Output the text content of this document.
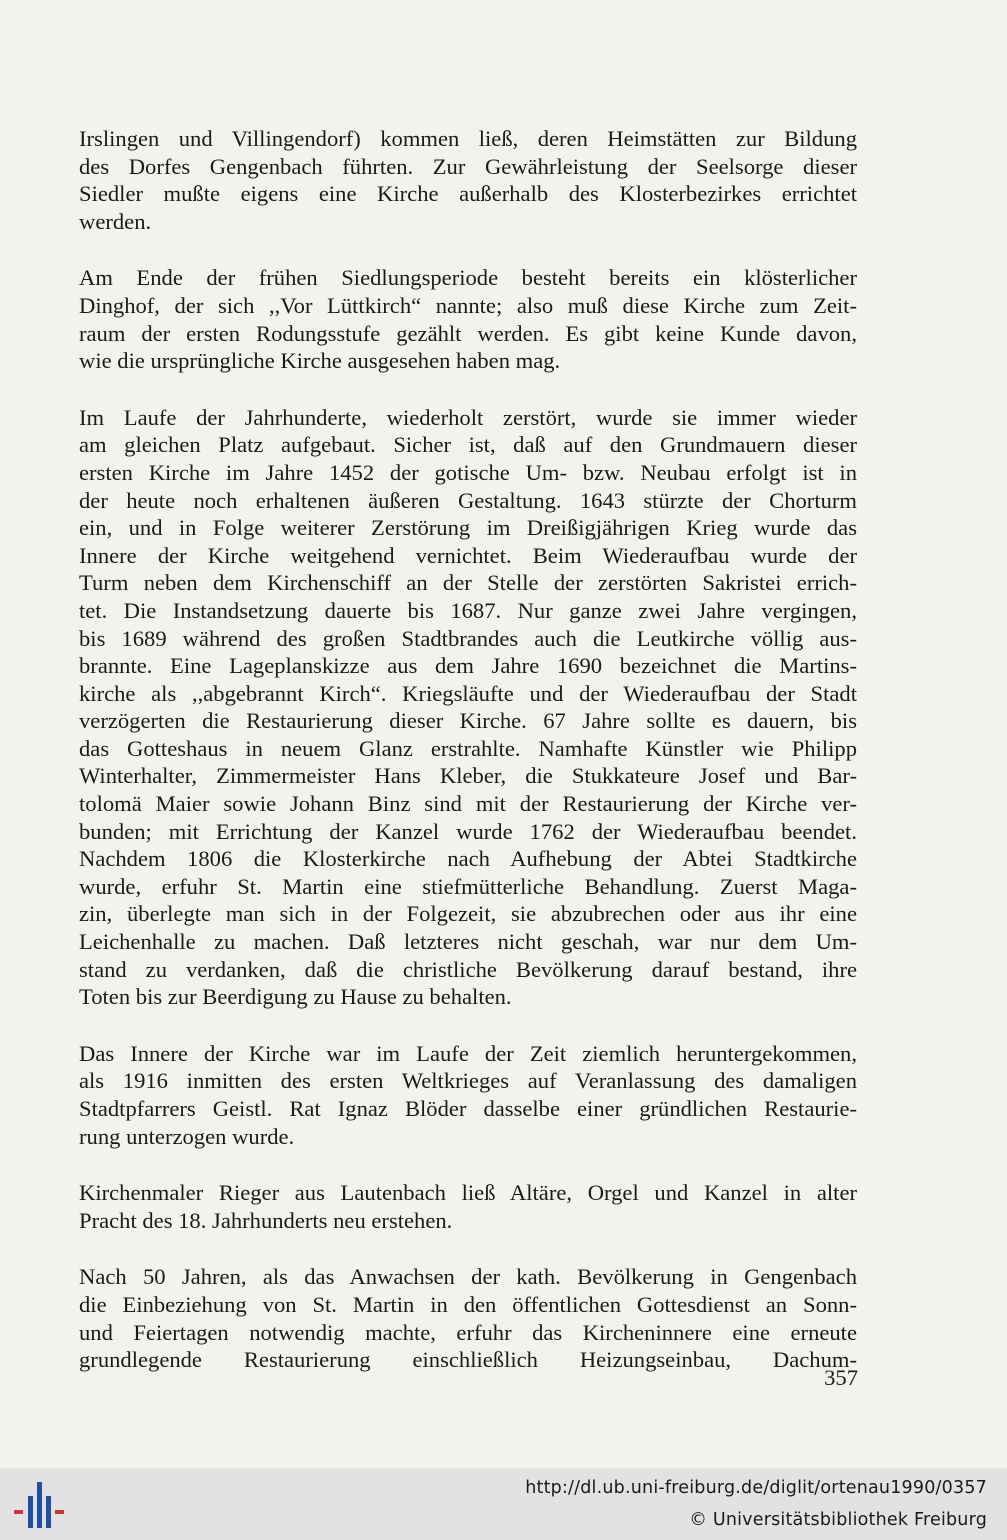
Irslingen und Villingendorf) kommen ließ, deren Heimstätten zur Bildung
des Dorfes Gengenbach führten. Zur Gewährleistung der Seelsorge dieser
Siedler mußte eigens eine Kirche außerhalb des Klosterbezirkes errichtet
werden.

Am Ende der frühen Siedlungsperiode besteht bereits ein klösterlicher
Dinghof, der sich ,,Vor Lüttkirch“ nannte; also muß diese Kirche zum Zeit-
raum der ersten Rodungsstufe gezählt werden. Es gibt keine Kunde davon,
wie die ursprüngliche Kirche ausgesehen haben mag.

Im Laufe der Jahrhunderte, wiederholt zerstört, wurde sie immer wieder
am gleichen Platz aufgebaut. Sicher ist, daß auf den Grundmauern dieser
ersten Kirche im Jahre 1452 der gotische Um- bzw. Neubau erfolgt ist in
der heute noch erhaltenen äußeren Gestaltung. 1643 stürzte der Chorturm
ein, und in Folge weiterer Zerstörung im Dreißigjährigen Krieg wurde das
Innere der Kirche weitgehend vernichtet. Beim Wiederaufbau wurde der
Turm neben dem Kirchenschiff an der Stelle der zerstörten Sakristei errich-
tet. Die Instandsetzung dauerte bis 1687. Nur ganze zwei Jahre vergingen,
bis 1689 während des großen Stadtbrandes auch die Leutkirche völlig aus-
brannte. Eine Lageplanskizze aus dem Jahre 1690 bezeichnet die Martins-
kirche als ,,abgebrannt Kirch“. Kriegsläufte und der Wiederaufbau der Stadt
verzögerten die Restaurierung dieser Kirche. 67 Jahre sollte es dauern, bis
das Gotteshaus in neuem Glanz erstrahlte. Namhafte Künstler wie Philipp
Winterhalter, Zimmermeister Hans Kleber, die Stukkateure Josef und Bar-
tolomä Maier sowie Johann Binz sind mit der Restaurierung der Kirche ver-
bunden; mit Errichtung der Kanzel wurde 1762 der Wiederaufbau beendet.
Nachdem 1806 die Klosterkirche nach Aufhebung der Abtei Stadtkirche
wurde, erfuhr St. Martin eine stiefmütterliche Behandlung. Zuerst Maga-
zin, überlegte man sich in der Folgezeit, sie abzubrechen oder aus ihr eine
Leichenhalle zu machen. Daß letzteres nicht geschah, war nur dem Um-
stand zu verdanken, daß die christliche Bevölkerung darauf bestand, ihre
Toten bis zur Beerdigung zu Hause zu behalten.

Das Innere der Kirche war im Laufe der Zeit ziemlich heruntergekommen,
als 1916 inmitten des ersten Weltkrieges auf Veranlassung des damaligen
Stadtpfarrers Geistl. Rat Ignaz Blöder dasselbe einer gründlichen Restaurie-
rung unterzogen wurde.

Kirchenmaler Rieger aus Lautenbach ließ Altäre, Orgel und Kanzel in alter
Pracht des 18. Jahrhunderts neu erstehen.

Nach 50 Jahren, als das Anwachsen der kath. Bevölkerung in Gengenbach
die Einbeziehung von St. Martin in den öffentlichen Gottesdienst an Sonn-
und Feiertagen notwendig machte, erfuhr das Kircheninnere eine erneute
grundlegende Restaurierung einschließlich Heizungseinbau, Dachum-

357
http://dl.ub.uni-freiburg.de/diglit/ortenau1990/0357
© Universitätsbibliothek Freiburg
